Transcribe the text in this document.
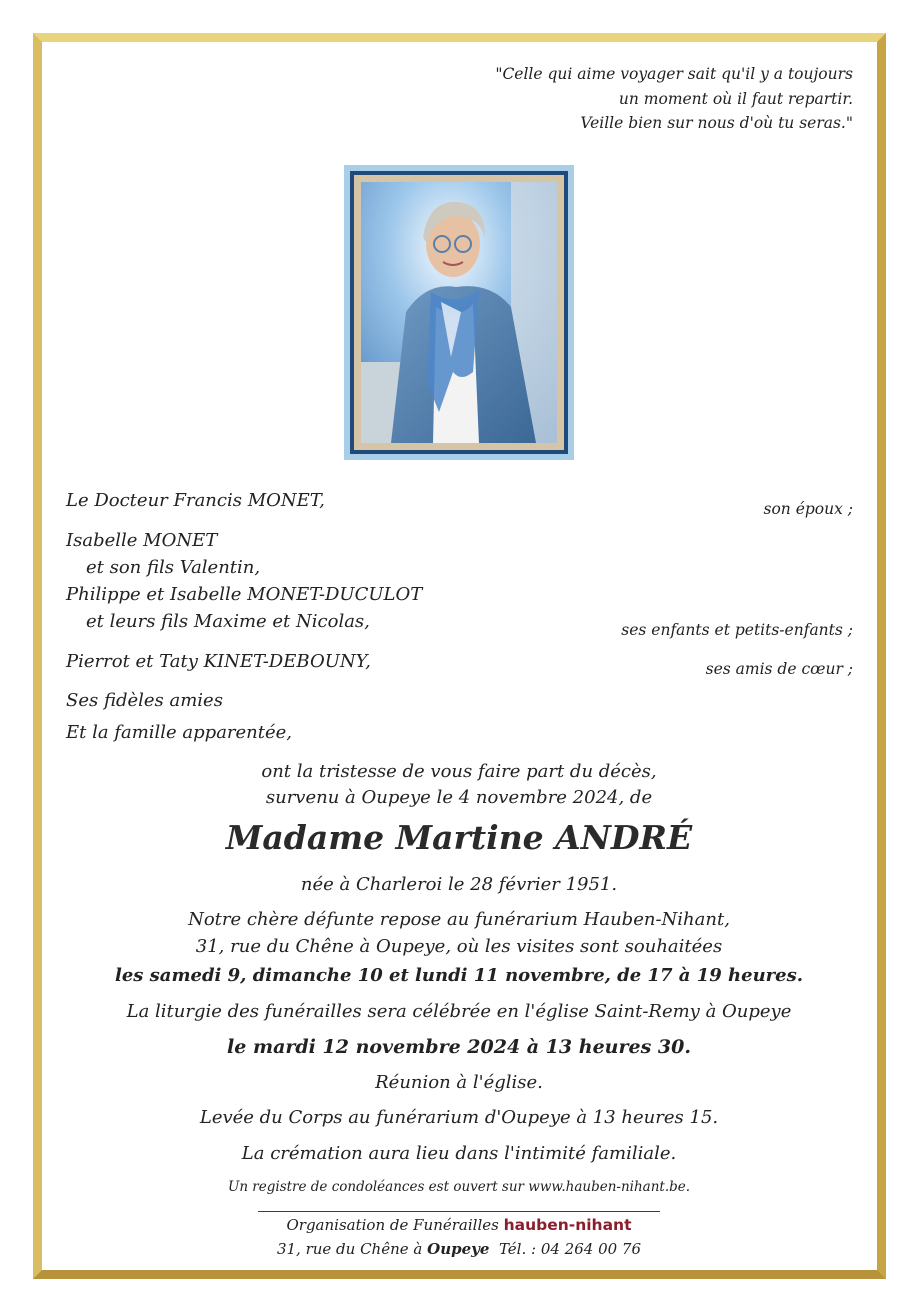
"Celle qui aime voyager sait qu'il y a toujours
un moment où il faut repartir.
Veille bien sur nous d'où tu seras."
Le Docteur Francis MONET,	son époux ;
Isabelle MONET
et son fils Valentin,
Philippe et Isabelle MONET-DUCULOT
et leurs fils Maxime et Nicolas,	ses enfants et petits-enfants ;
Pierrot et Taty KINET-DEBOUNY,	ses amis de cœur ;
Ses fidèles amies
Et la famille apparentée,
ont la tristesse de vous faire part du décès,
survenu à Oupeye le 4 novembre 2024, de
Madame Martine ANDRÉ
née à Charleroi le 28 février 1951.
Notre chère défunte repose au funérarium Hauben-Nihant,
31, rue du Chêne à Oupeye, où les visites sont souhaitées
les samedi 9, dimanche 10 et lundi 11 novembre, de 17 à 19 heures.
La liturgie des funérailles sera célébrée en l'église Saint-Remy à Oupeye
le mardi 12 novembre 2024 à 13 heures 30.
Réunion à l'église.
Levée du Corps au funérarium d'Oupeye à 13 heures 15.
La crémation aura lieu dans l'intimité familiale.
Un registre de condoléances est ouvert sur www.hauben-nihant.be.
Organisation de Funérailles hauben-nihant
31, rue du Chêne à Oupeye Tél. : 04 264 00 76
